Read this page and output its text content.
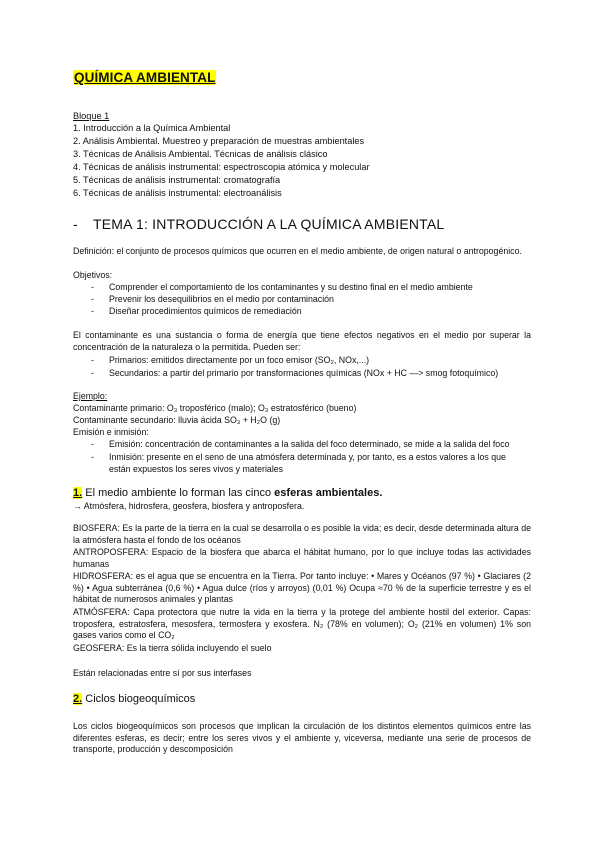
QUÍMICA AMBIENTAL
Bloque 1
1. Introducción a la Química Ambiental
2. Análisis Ambiental. Muestreo y preparación de muestras ambientales
3. Técnicas de Análisis Ambiental. Técnicas de análisis clásico
4. Técnicas de análisis instrumental: espectroscopia atómica y molecular
5. Técnicas de análisis instrumental: cromatografía
6. Técnicas de análisis instrumental: electroanálisis
- TEMA 1: INTRODUCCIÓN A LA QUÍMICA AMBIENTAL
Definición: el conjunto de procesos químicos que ocurren en el medio ambiente, de origen natural o antropogénico.
Objetivos:
- Comprender el comportamiento de los contaminantes y su destino final en el medio ambiente
- Prevenir los desequilibrios en el medio por contaminación
- Diseñar procedimientos químicos de remediación
El contaminante es una sustancia o forma de energía que tiene efectos negativos en el medio por superar la concentración de la naturaleza o la permitida. Pueden ser:
- Primarios: emitidos directamente por un foco emisor (SO₂, NOx,...)
- Secundarios: a partir del primario por transformaciones químicas (NOx + HC —> smog fotoquímico)
Ejemplo:
Contaminante primario: O₃ troposférico (malo); O₃ estratosférico (bueno)
Contaminante secundario: lluvia ácida SO₃ + H₂O (g)
Emisión e inmisión:
- Emisión: concentración de contaminantes a la salida del foco determinado, se mide a la salida del foco
- Inmisión: presente en el seno de una atmósfera determinada y, por tanto, es a estos valores a los que
están expuestos los seres vivos y materiales
1. El medio ambiente lo forman las cinco esferas ambientales.
→ Atmósfera, hidrosfera, geosfera, biosfera y antroposfera.
BIOSFERA: Es la parte de la tierra en la cual se desarrolla o es posible la vida; es decir, desde determinada altura de la atmósfera hasta el fondo de los océanos
ANTROPOSFERA: Espacio de la biosfera que abarca el hábitat humano, por lo que incluye todas las actividades humanas
HIDROSFERA: es el agua que se encuentra en la Tierra. Por tanto incluye: • Mares y Océanos (97 %) • Glaciares (2 %) • Agua subterránea (0,6 %) • Agua dulce (ríos y arroyos) (0,01 %) Ocupa ≈70 % de la superficie terrestre y es el hábitat de numerosos animales y plantas
ATMÓSFERA: Capa protectora que nutre la vida en la tierra y la protege del ambiente hostil del exterior. Capas: troposfera, estratosfera, mesosfera, termosfera y exosfera. N₂ (78% en volumen); O₂ (21% en volumen) 1% son gases varios como el CO₂
GEOSFERA: Es la tierra sólida incluyendo el suelo
Están relacionadas entre sí por sus interfases
2. Ciclos biogeoquímicos
Los ciclos biogeoquímicos son procesos que implican la circulación de los distintos elementos químicos entre las diferentes esferas, es decir; entre los seres vivos y el ambiente y, viceversa, mediante una serie de procesos de transporte, producción y descomposición
